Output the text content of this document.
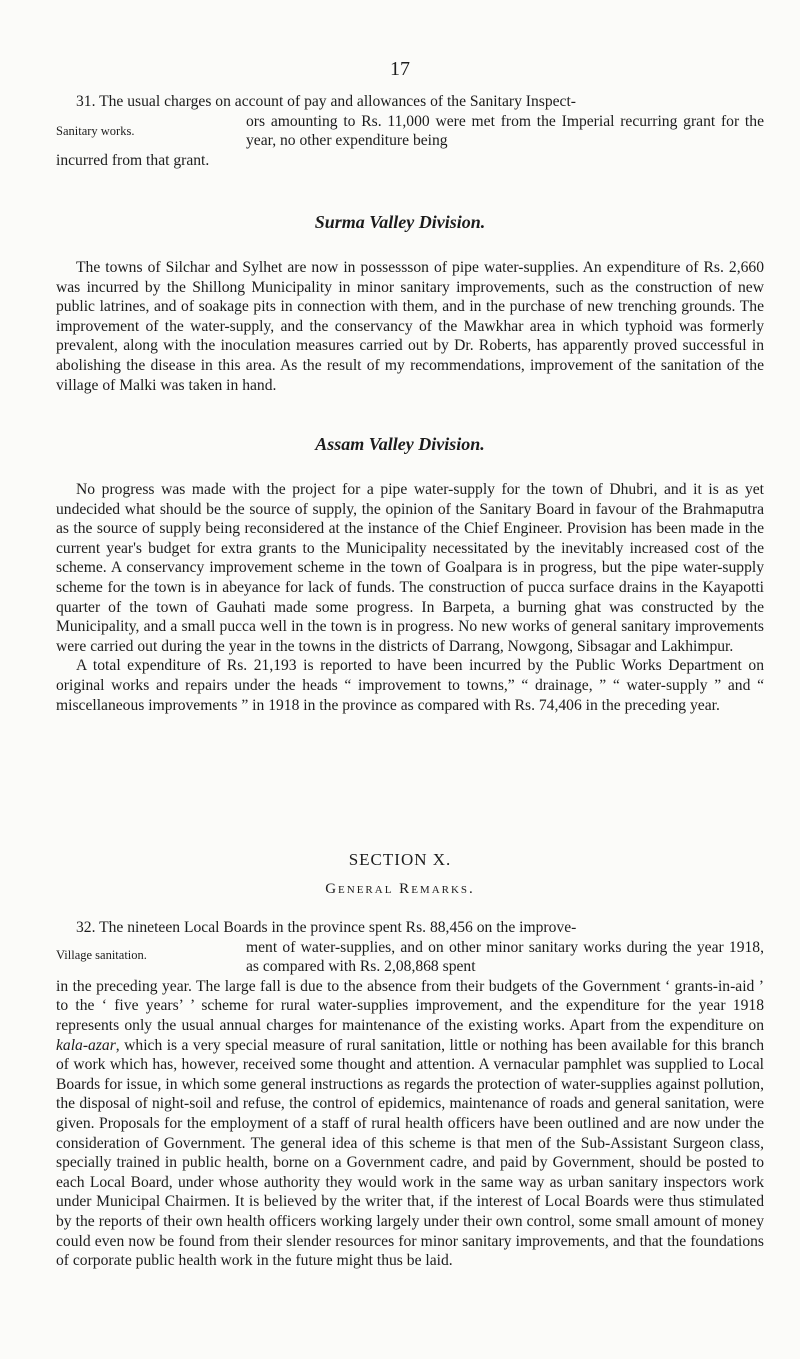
17

31. The usual charges on account of pay and allowances of the Sanitary Inspect-

Sanitary works.

ors amounting to Rs. 11,000 were met from the Imperial recurring grant for the year, no other expenditure being

incurred from that grant.

Surma Valley Division.

The towns of Silchar and Sylhet are now in possessson of pipe water-supplies. An expenditure of Rs. 2,660 was incurred by the Shillong Municipality in minor sanitary improvements, such as the construction of new public latrines, and of soakage pits in connection with them, and in the purchase of new trenching grounds. The improvement of the water-supply, and the conservancy of the Mawkhar area in which typhoid was formerly prevalent, along with the inoculation measures carried out by Dr. Roberts, has apparently proved successful in abolishing the disease in this area. As the result of my recommendations, improvement of the sanitation of the village of Malki was taken in hand.

Assam Valley Division.

No progress was made with the project for a pipe water-supply for the town of Dhubri, and it is as yet undecided what should be the source of supply, the opinion of the Sanitary Board in favour of the Brahmaputra as the source of supply being reconsidered at the instance of the Chief Engineer. Provision has been made in the current year's budget for extra grants to the Municipality necessitated by the inevitably increased cost of the scheme. A conservancy improvement scheme in the town of Goalpara is in progress, but the pipe water-supply scheme for the town is in abeyance for lack of funds. The construction of pucca surface drains in the Kayapotti quarter of the town of Gauhati made some progress. In Barpeta, a burning ghat was constructed by the Municipality, and a small pucca well in the town is in progress. No new works of general sanitary improvements were carried out during the year in the towns in the districts of Darrang, Nowgong, Sibsagar and Lakhimpur.

A total expenditure of Rs. 21,193 is reported to have been incurred by the Public Works Department on original works and repairs under the heads “ improvement to towns,” “ drainage, ” “ water-supply ” and “ miscellaneous improvements ” in 1918 in the province as compared with Rs. 74,406 in the preceding year.

SECTION X.
General Remarks.

32. The nineteen Local Boards in the province spent Rs. 88,456 on the improve-

Village sanitation.	ment of water-supplies, and on other minor sanitary works during the year 1918, as compared with Rs. 2,08,868 spent

in the preceding year. The large fall is due to the absence from their budgets of the Government ‘ grants-in-aid ’ to the ‘ five years’ ’ scheme for rural water-supplies improvement, and the expenditure for the year 1918 represents only the usual annual charges for maintenance of the existing works. Apart from the expenditure on kala-azar, which is a very special measure of rural sanitation, little or nothing has been available for this branch of work which has, however, received some thought and attention. A vernacular pamphlet was supplied to Local Boards for issue, in which some general instructions as regards the protection of water-supplies against pollution, the disposal of night-soil and refuse, the control of epidemics, maintenance of roads and general sanitation, were given. Proposals for the employment of a staff of rural health officers have been outlined and are now under the consideration of Government. The general idea of this scheme is that men of the Sub-Assistant Surgeon class, specially trained in public health, borne on a Government cadre, and paid by Government, should be posted to each Local Board, under whose authority they would work in the same way as urban sanitary inspectors work under Municipal Chairmen. It is believed by the writer that, if the interest of Local Boards were thus stimulated by the reports of their own health officers working largely under their own control, some small amount of money could even now be found from their slender resources for minor sanitary improvements, and that the foundations of corporate public health work in the future might thus be laid.
